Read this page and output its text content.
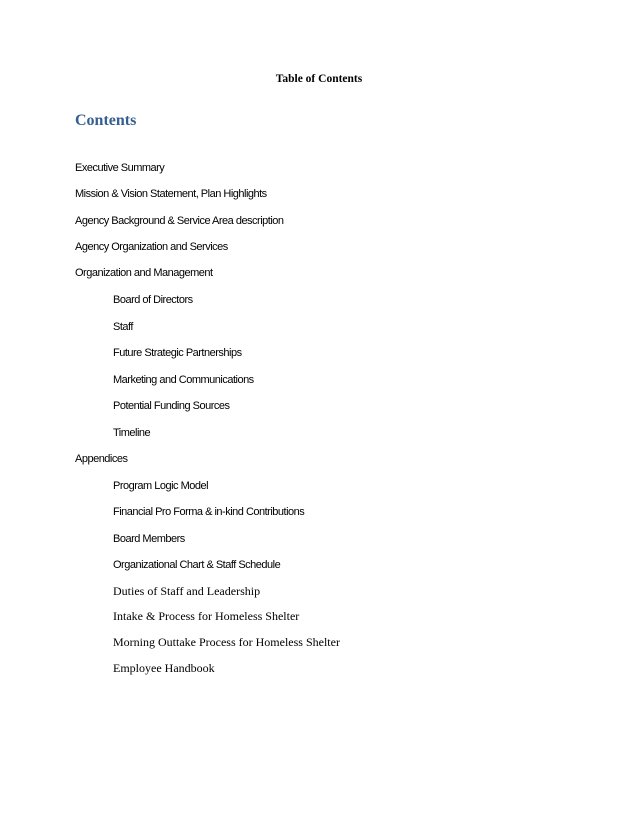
Table of Contents
Contents
Executive Summary
Mission & Vision Statement, Plan Highlights
Agency Background & Service Area description
Agency Organization and Services
Organization and Management
Board of Directors
Staff
Future Strategic Partnerships
Marketing and Communications
Potential Funding Sources
Timeline
Appendices
Program Logic Model
Financial Pro Forma & in-kind Contributions
Board Members
Organizational Chart & Staff Schedule
Duties of Staff and Leadership
Intake & Process for Homeless Shelter
Morning Outtake Process for Homeless Shelter
Employee Handbook
